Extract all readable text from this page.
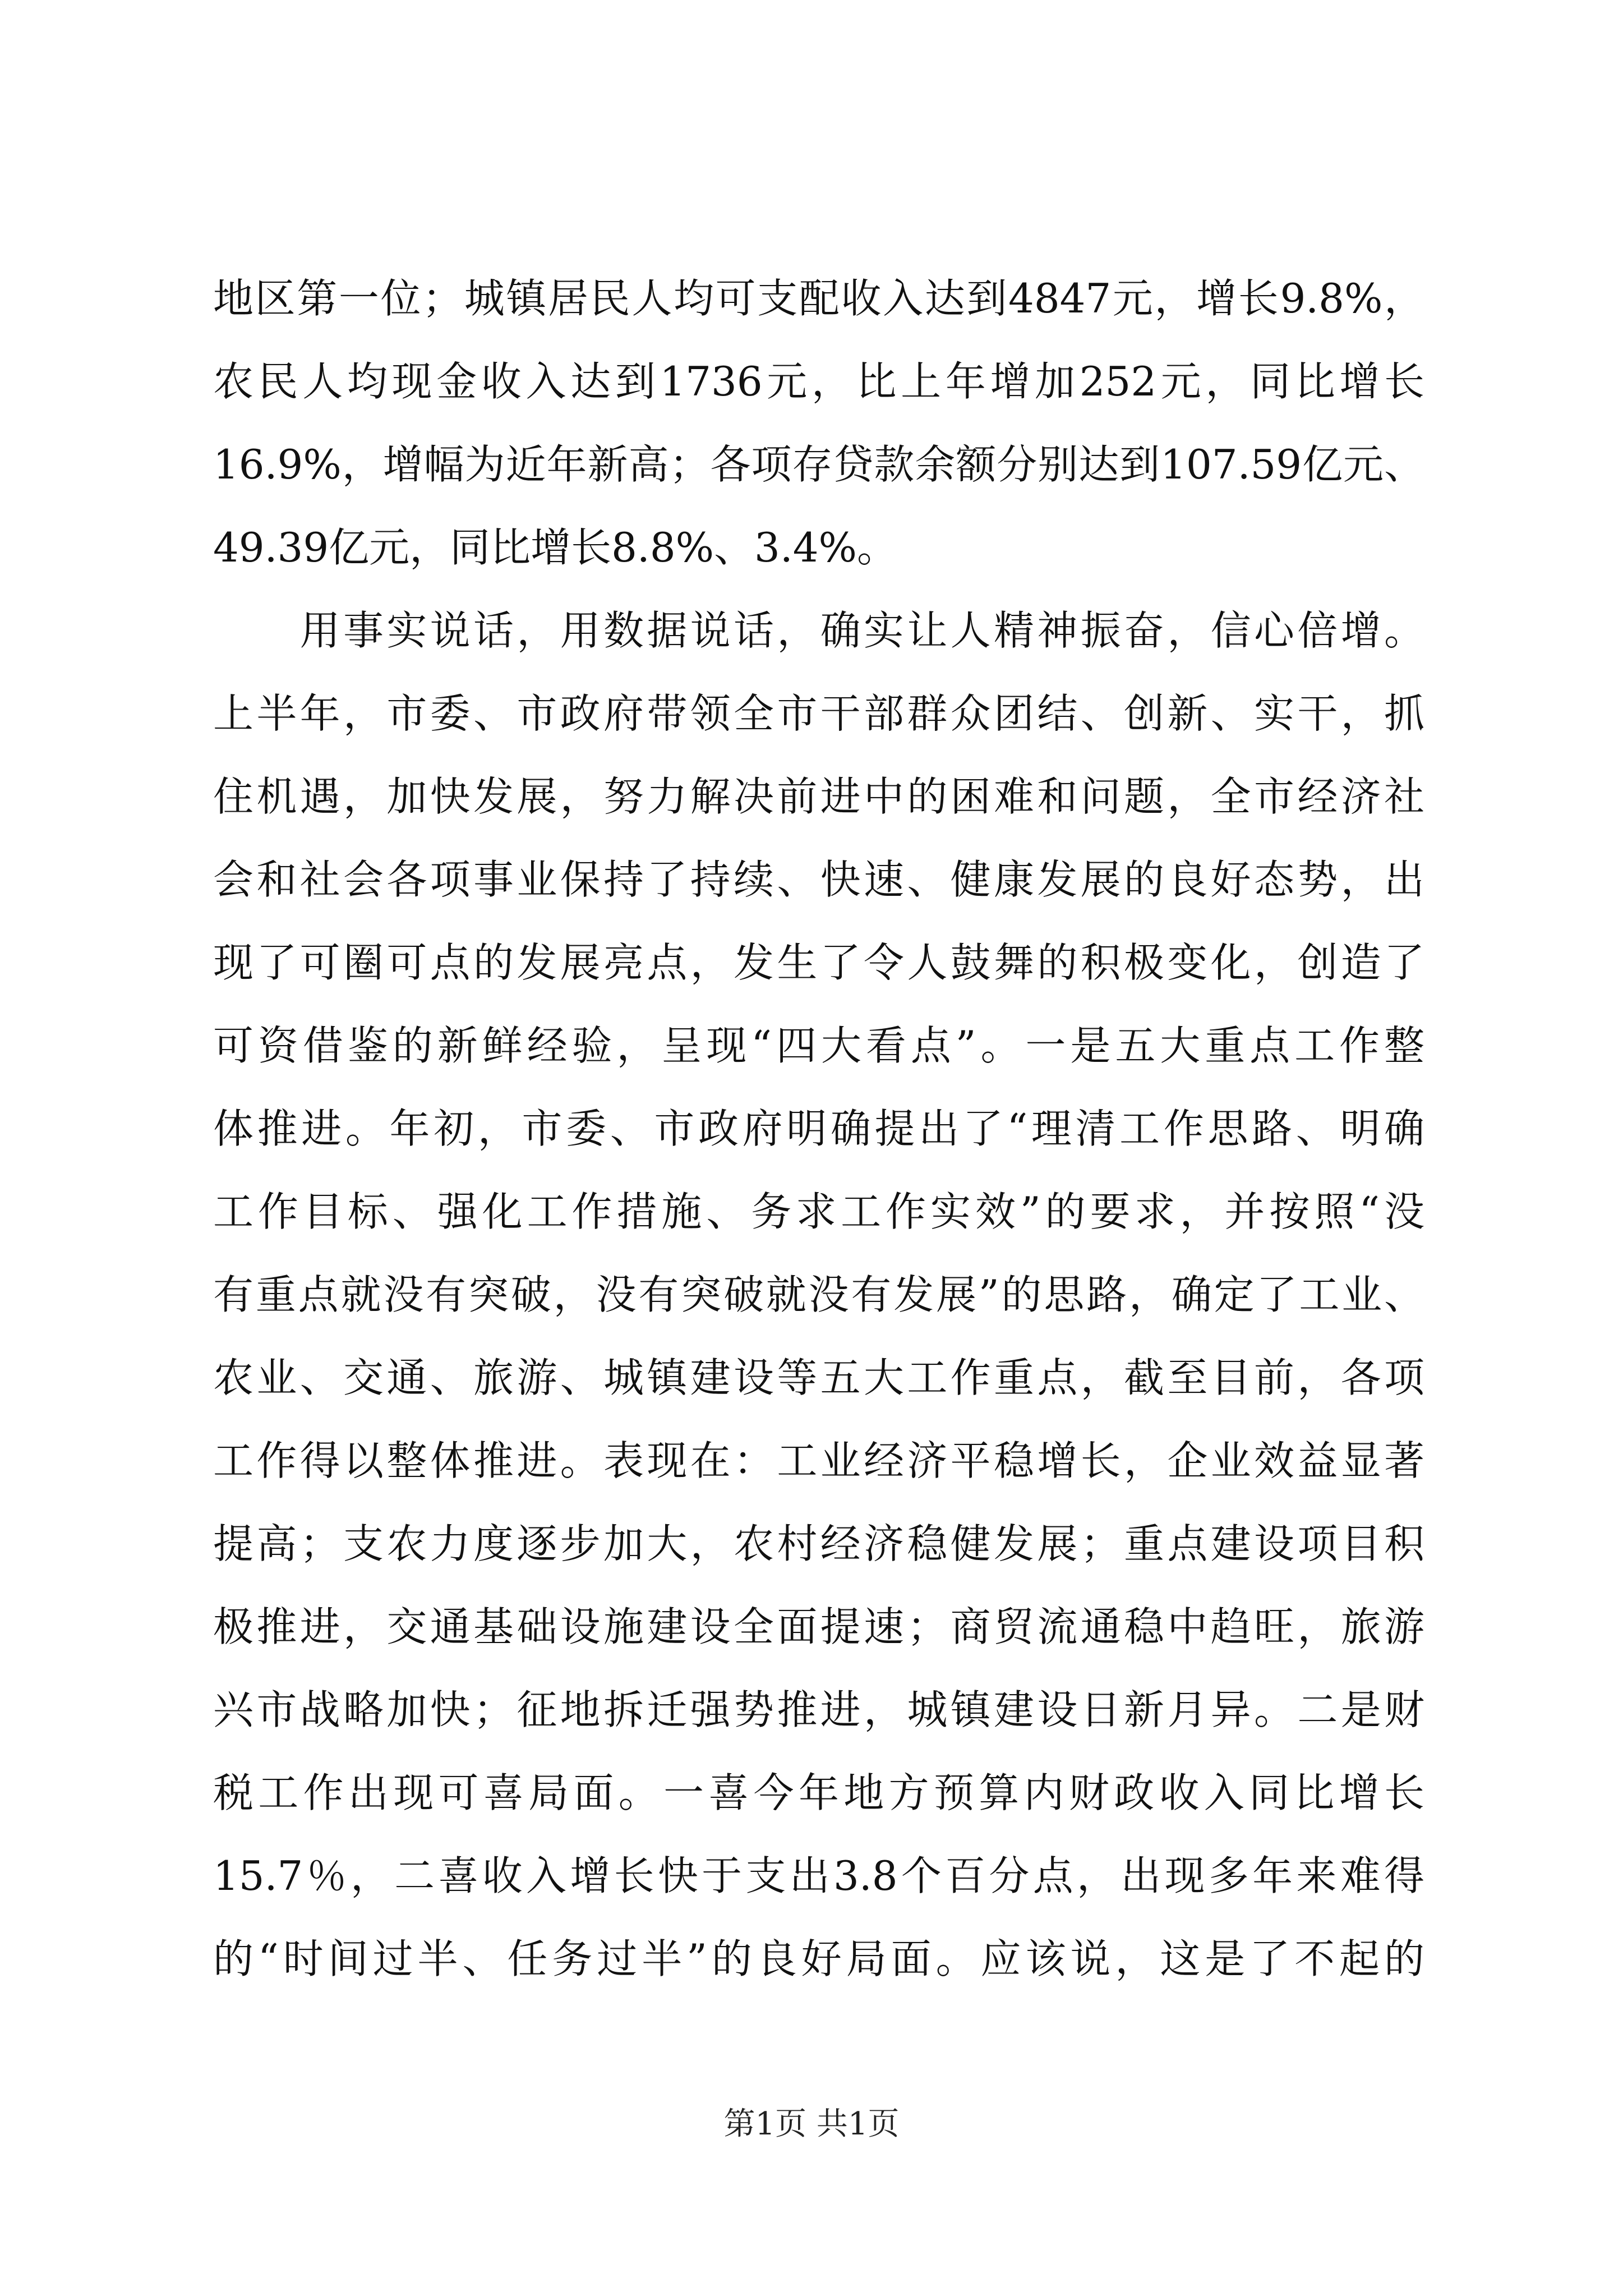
地区第一位；城镇居民人均可支配收入达到4847元，增长9.8%，
农民人均现金收入达到1736元，比上年增加252元，同比增长
16.9%，增幅为近年新高；各项存贷款余额分别达到107.59亿元、
49.39亿元，同比增长8.8%、3.4%。
　　用事实说话，用数据说话，确实让人精神振奋，信心倍增。
上半年，市委、市政府带领全市干部群众团结、创新、实干，抓
住机遇，加快发展，努力解决前进中的困难和问题，全市经济社
会和社会各项事业保持了持续、快速、健康发展的良好态势，出
现了可圈可点的发展亮点，发生了令人鼓舞的积极变化，创造了
可资借鉴的新鲜经验，呈现“四大看点”。一是五大重点工作整
体推进。年初，市委、市政府明确提出了“理清工作思路、明确
工作目标、强化工作措施、务求工作实效”的要求，并按照“没
有重点就没有突破，没有突破就没有发展”的思路，确定了工业、
农业、交通、旅游、城镇建设等五大工作重点，截至目前，各项
工作得以整体推进。表现在：工业经济平稳增长，企业效益显著
提高；支农力度逐步加大，农村经济稳健发展；重点建设项目积
极推进，交通基础设施建设全面提速；商贸流通稳中趋旺，旅游
兴市战略加快；征地拆迁强势推进，城镇建设日新月异。二是财
税工作出现可喜局面。一喜今年地方预算内财政收入同比增长
15.7％，二喜收入增长快于支出3.8个百分点，出现多年来难得
的“时间过半、任务过半”的良好局面。应该说，这是了不起的
第1页 共1页
